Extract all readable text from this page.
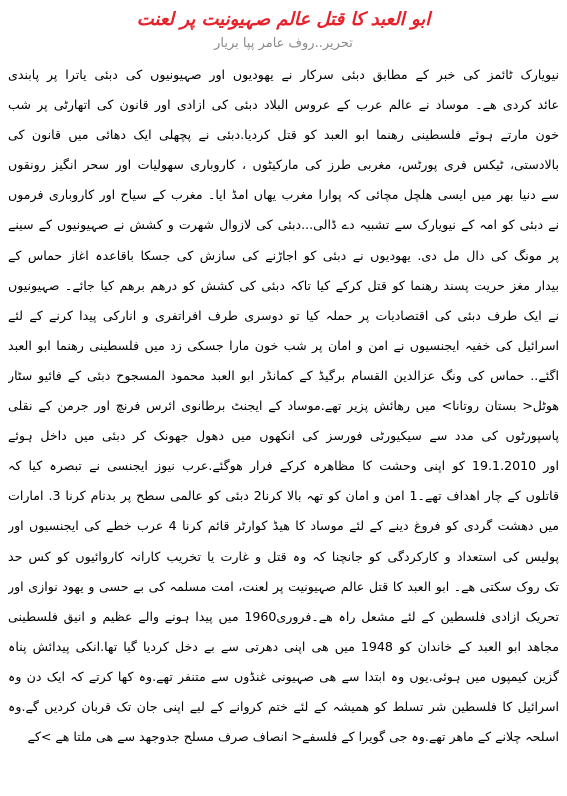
ابو العبد کا قتل عالم صہیونیت پر لعنت
تحریر..روف عامر پپا بریار
نیویارک ٹائمز کی خبر کے مطابق دبئی سرکار نے یھودیوں اور صہیونیوں کی دبئی یاترا پر پابندی
عائد کردی ھے۔ موساد نے عالم عرب کے عروس البلاد دبئی کی ازادی اور قانون کی اتھارٹی پر شب
خون مارتے ہوئے فلسطینی رھنما ابو العبد کو قتل کردیا.دبئی نے پچھلی ایک دھائی میں قانون کی
بالادستی، ٹیکس فری پورٹس، مغربی طرز کی مارکیٹوں ، کاروباری سھولیات اور سحر انگیز رونقوں
سے دنیا بھر میں ایسی ھلچل مچائی کہ پوارا مغرب یھاں امڈ ایا۔ مغرب کے سیاح اور کاروباری فرموں
نے دبئی کو امہ کے نیویارک سے تشبیہ دے ڈالی...دبئی کی لازوال شھرت و کشش نے صہیونیوں کے سینے
پر مونگ کی دال مل دی. یھودیوں نے دبئی کو اجاڑنے کی سازش کی جسکا باقاعدہ اغاز حماس کے
بیدار مغز حریت پسند رھنما کو قتل کرکے کیا تاکہ دبئی کی کشش کو درھم برھم کیا جائے۔ صہیونیوں
نے ایک طرف دبئی کی اقتصادیات پر حملہ کیا تو دوسری طرف افراتفری و انارکی پیدا کرنے کے لئے
اسرائیل کی خفیہ ایجنسیوں نے امن و امان پر شب خون مارا جسکی زد میں فلسطینی رھنما ابو العبد
اگئے.. حماس کی ونگ عزالدین القسام برگیڈ کے کمانڈر ابو العبد محمود المسجوح دبئی کے فائیو سٹار
ھوٹل< بستان روتانا> میں رھائش پزیر تھے.موساد کے ایجنٹ برطانوی ائرس فرنچ اور جرمن کے نقلی
پاسپورٹوں کی مدد سے سیکیورٹی فورسز کی انکھوں میں دھول جھونک کر دبئی میں داخل ہوئے
اور 19.1.2010 کو اپنی وحشت کا مظاھرہ کرکے فرار ھوگئے.عرب نیوز ایجنسی نے تبصرہ کیا کہ
قاتلوں کے چار اھداف تھے۔1 امن و امان کو تھہ بالا کرنا2 دبئی کو عالمی سطح پر بدنام کرنا 3. امارات
میں دھشت گردی کو فروغ دینے کے لئے موساد کا ھیڈ کوارٹر قائم کرنا 4 عرب خطے کی ایجنسیوں اور
پولیس کی استعداد و کارکردگی کو جانچنا کہ وہ قتل و غارت یا تخریب کارانہ کاروائیوں کو کس حد
تک روک سکتی ھے۔ ابو العبد کا قتل عالم صہیونیت پر لعنت، امت مسلمہ کی بے حسی و یھود نوازی اور
تحریک ازادی فلسطین کے لئے مشعل راہ ھے۔فروری1960 میں پیدا ہونے والے عظیم و انیق فلسطینی
مجاھد ابو العبد کے خاندان کو 1948 میں ھی اپنی دھرتی سے بے دخل کردیا گیا تھا.انکی پیدائش پناہ
گزین کیمپوں میں ہوئی.یوں وہ ابتدا سے ھی صہیونی غنڈوں سے متنفر تھے.وہ کھا کرتے کہ ایک دن وہ
اسرائیل کا فلسطین شر تسلط کو ھمیشہ کے لئے ختم کروانے کے لیے اپنی جان تک قربان کردیں گے.وہ
اسلحہ چلانے کے ماھر تھے.وہ جی گویرا کے فلسفے< انصاف صرف مسلح جدوجھد سے ھی ملتا ھے >کے
